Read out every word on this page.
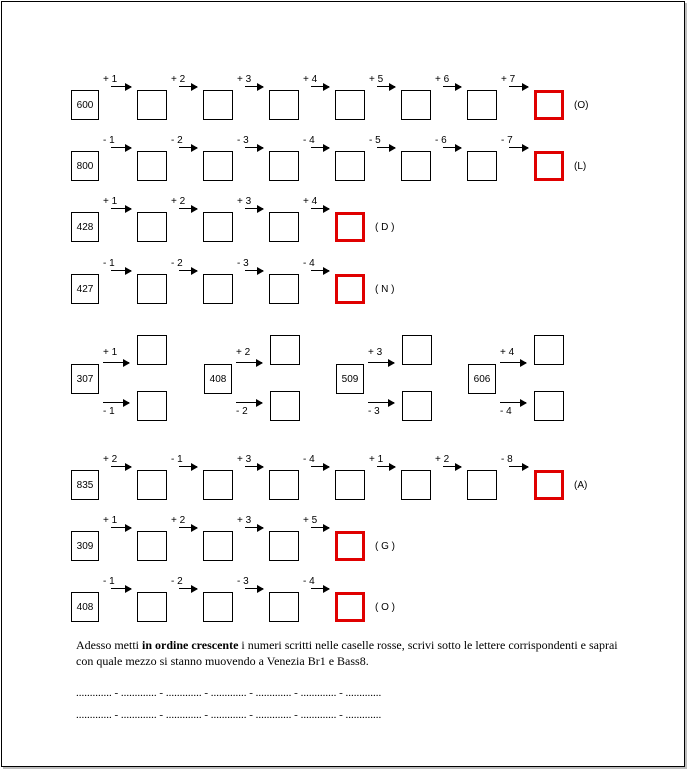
600
+ 1	+ 2	+ 3	+ 4	+ 5	+ 6	+ 7
(O)
800
- 1	- 2	- 3	- 4	- 5	- 6	- 7
(L)
428
+ 1	+ 2	+ 3	+ 4
( D )
427
- 1	- 2	- 3	- 4
( N )
835
+ 2	- 1	+ 3	- 4	+ 1	+ 2	- 8
(A)
309
+ 1	+ 2	+ 3	+ 5
( G )
408
- 1	- 2	- 3	- 4
( O )
307
+ 1
- 1
408
+ 2
- 2
509
+ 3
- 3
606
+ 4
- 4
Adesso metti in ordine crescente i numeri scritti nelle caselle rosse, scrivi sotto le lettere corrispondenti e saprai con quale mezzo si stanno muovendo a Venezia Br1 e Bass8.
............. - ............. - ............. - ............. - ............. - ............. - .............
............. - ............. - ............. - ............. - ............. - ............. - .............
